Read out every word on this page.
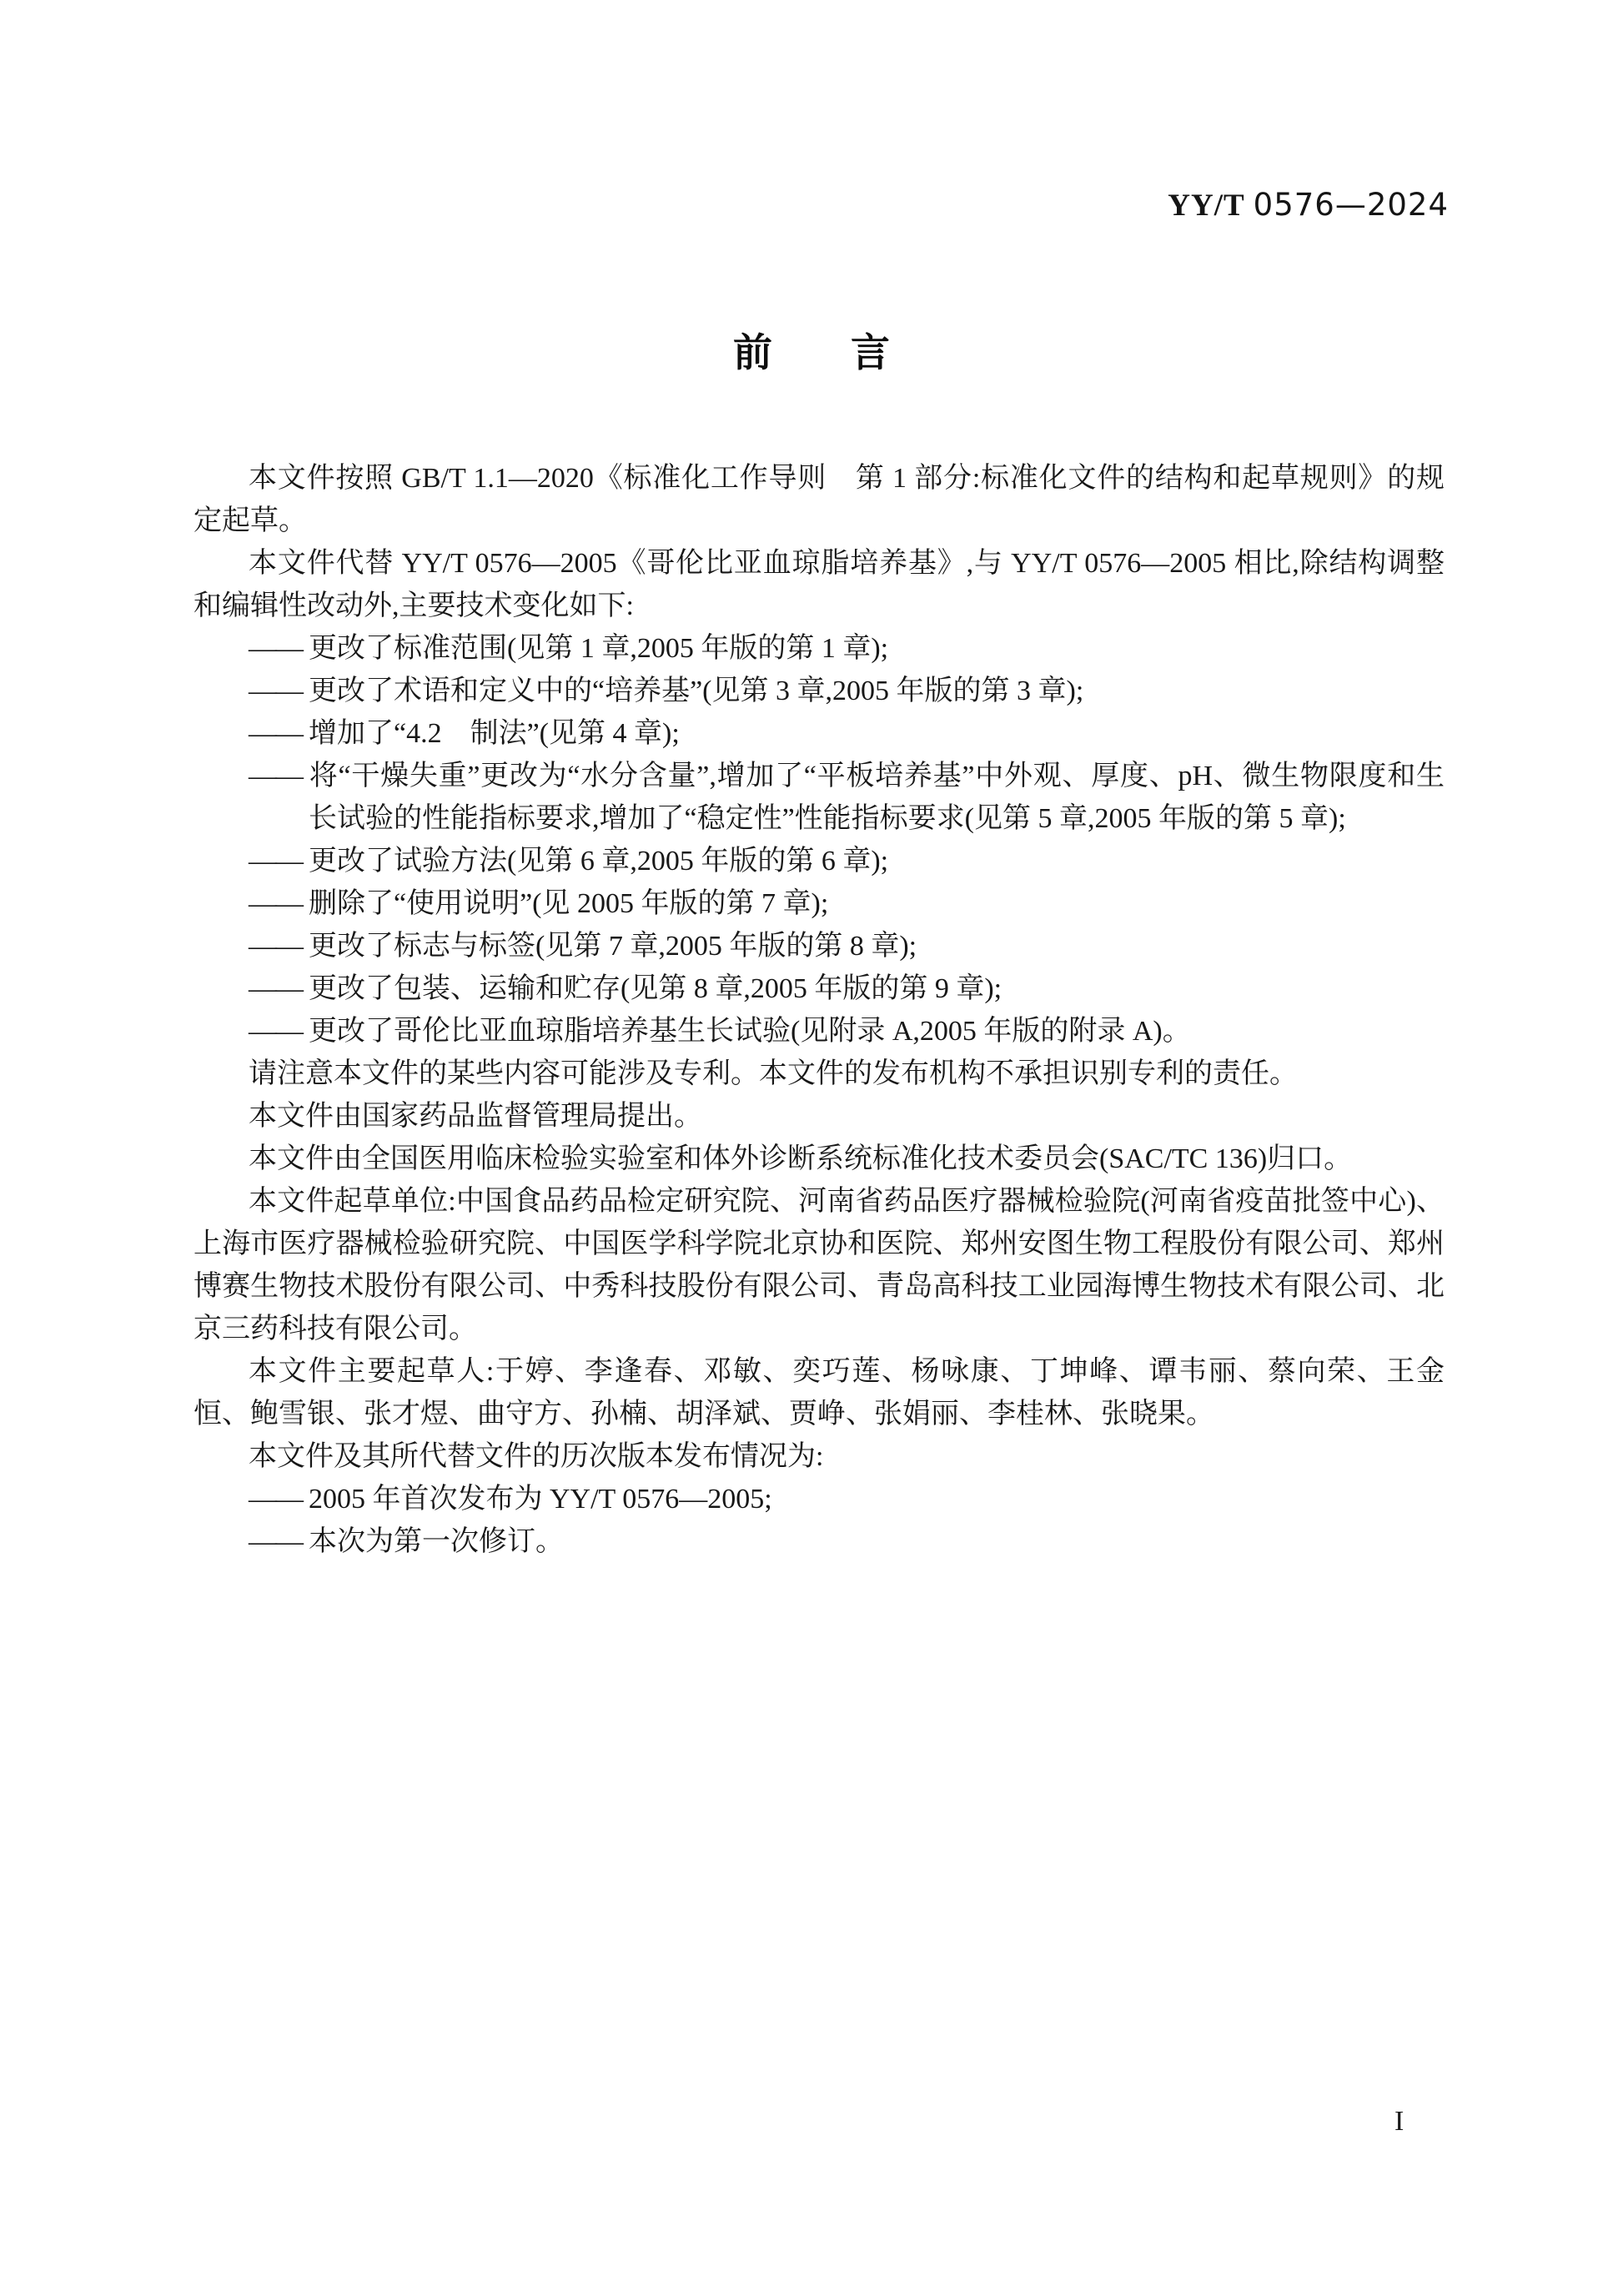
YY/T 0576—2024
前　　言

本文件按照 GB/T 1.1—2020《标准化工作导则　第 1 部分:标准化文件的结构和起草规则》的规定起草。

本文件代替 YY/T 0576—2005《哥伦比亚血琼脂培养基》,与 YY/T 0576—2005 相比,除结构调整和编辑性改动外,主要技术变化如下:

—— 更改了标准范围(见第 1 章,2005 年版的第 1 章);
—— 更改了术语和定义中的“培养基”(见第 3 章,2005 年版的第 3 章);
—— 增加了“4.2　制法”(见第 4 章);
—— 将“干燥失重”更改为“水分含量”,增加了“平板培养基”中外观、厚度、pH、微生物限度和生长试验的性能指标要求,增加了“稳定性”性能指标要求(见第 5 章,2005 年版的第 5 章);
—— 更改了试验方法(见第 6 章,2005 年版的第 6 章);
—— 删除了“使用说明”(见 2005 年版的第 7 章);
—— 更改了标志与标签(见第 7 章,2005 年版的第 8 章);
—— 更改了包装、运输和贮存(见第 8 章,2005 年版的第 9 章);
—— 更改了哥伦比亚血琼脂培养基生长试验(见附录 A,2005 年版的附录 A)。

请注意本文件的某些内容可能涉及专利。本文件的发布机构不承担识别专利的责任。

本文件由国家药品监督管理局提出。

本文件由全国医用临床检验实验室和体外诊断系统标准化技术委员会(SAC/TC 136)归口。

本文件起草单位:中国食品药品检定研究院、河南省药品医疗器械检验院(河南省疫苗批签中心)、上海市医疗器械检验研究院、中国医学科学院北京协和医院、郑州安图生物工程股份有限公司、郑州博赛生物技术股份有限公司、中秀科技股份有限公司、青岛高科技工业园海博生物技术有限公司、北京三药科技有限公司。

本文件主要起草人:于婷、李逢春、邓敏、奕巧莲、杨咏康、丁坤峰、谭韦丽、蔡向荣、王金恒、鲍雪银、张才煜、曲守方、孙楠、胡泽斌、贾峥、张娟丽、李桂林、张晓果。

本文件及其所代替文件的历次版本发布情况为:

—— 2005 年首次发布为 YY/T 0576—2005;
—— 本次为第一次修订。
I
